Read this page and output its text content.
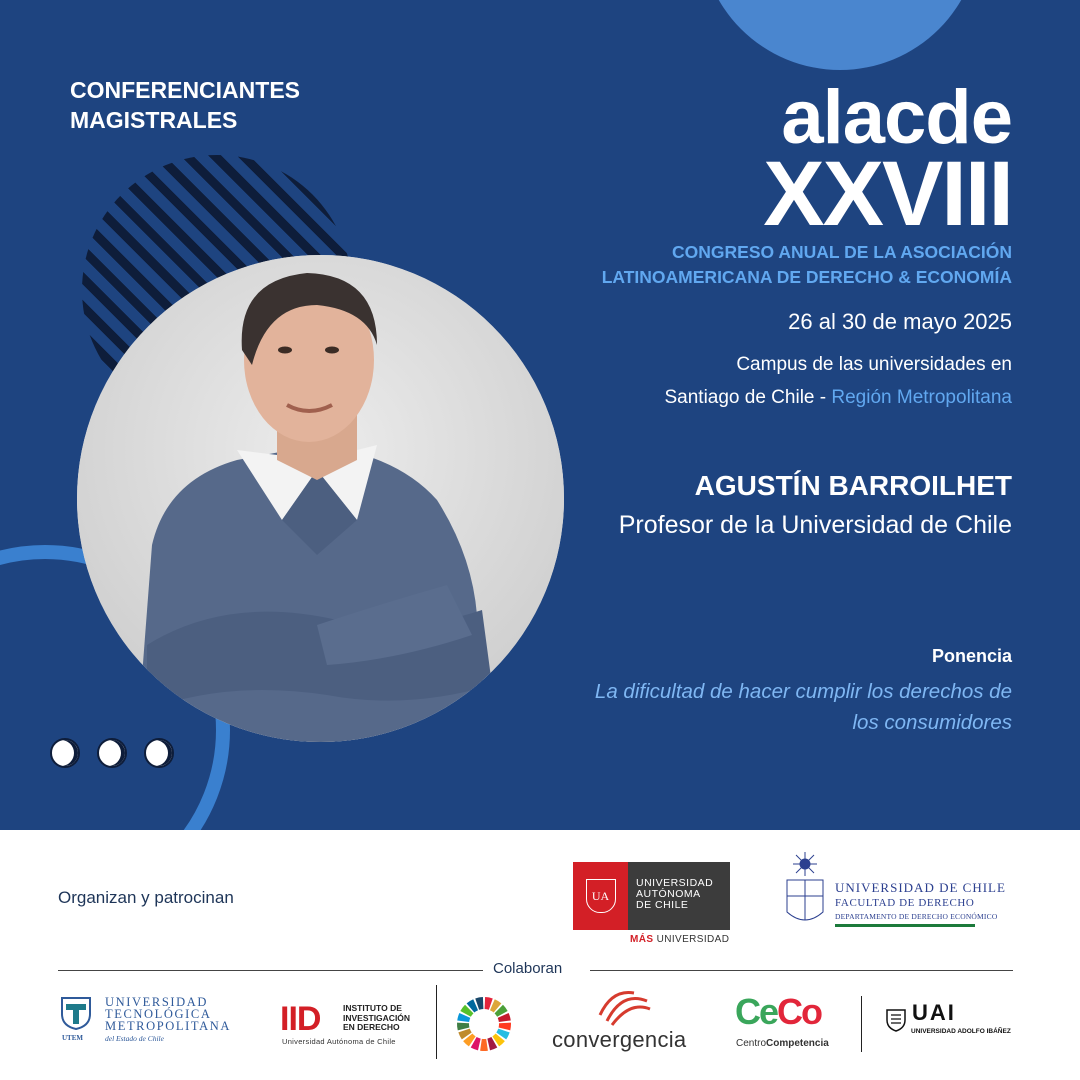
CONFERENCIANTES MAGISTRALES	alacde
XXVIII
CONGRESO ANUAL DE LA ASOCIACIÓN
LATINOAMERICANA DE DERECHO & ECONOMÍA
26 al 30 de mayo 2025
Campus de las universidades en
Santiago de Chile - Región Metropolitana
AGUSTÍN BARROILHET
Profesor de la Universidad de Chile
Ponencia
La dificultad de hacer cumplir los derechos de los consumidores
Organizan y patrocinan	UA
UNIVERSIDAD
AUTÓNOMA
DE CHILE
MÁS UNIVERSIDAD
UNIVERSIDAD DE CHILE
FACULTAD DE DERECHO
DEPARTAMENTO DE DERECHO ECONÓMICO
Colaboran
UTEM
UNIVERSIDAD
TECNOLÓGICA
METROPOLITANA
del Estado de Chile
IID	INSTITUTO DE
INVESTIGACIÓN
EN DERECHO
Universidad Autónoma de Chile	convergencia
CeCo
CentroCompetencia
UAI
UNIVERSIDAD ADOLFO IBÁÑEZ
